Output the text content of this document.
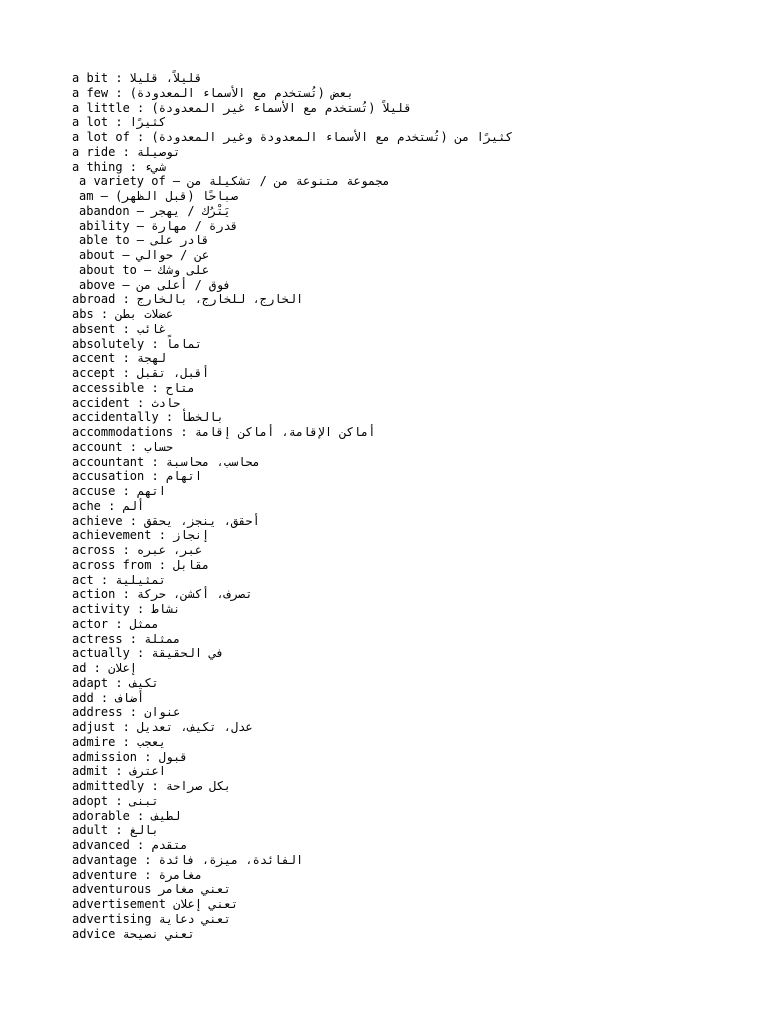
a bit : قليلاً، قليلا
a few : بعض (تُستخدم مع الأسماء المعدودة)
a little : قليلاً (تُستخدم مع الأسماء غير المعدودة)
a lot : كثيرًا
a lot of : كثيرًا من (تُستخدم مع الأسماء المعدودة وغير المعدودة)
a ride : توصيلة
a thing : شيء
a variety of – مجموعة متنوعة من / تشكيلة من
am – صباحًا (قبل الظهر)
abandon – يَتْرُك / يهجر
ability – قدرة / مهارة
able to – قادر على
about – عن / حوالي
about to – على وشك
above – فوق / أعلى من
abroad : الخارج، للخارج، بالخارج
abs : عضلات بطن
absent : غائب
absolutely : تماماً
accent : لهجة
accept : أقبل، تقبل
accessible : متاح
accident : حادث
accidentally : بالخطأ
accommodations : أماكن الإقامة، أماكن إقامة
account : حساب
accountant : محاسب، محاسبة
accusation : اتهام
accuse : اتهم
ache : ألم
achieve : أحقق، ينجز، يحقق
achievement : إنجاز
across : عبر، عبره
across from : مقابل
act : تمثيلية
action : تصرف، أكشن، حركة
activity : نشاط
actor : ممثل
actress : ممثلة
actually : في الحقيقة
ad : إعلان
adapt : تكيف
add : أضاف
address : عنوان
adjust : عدل، تكيف، تعديل
admire : يعجب
admission : قبول
admit : اعترف
admittedly : بكل صراحة
adopt : تبنى
adorable : لطيف
adult : بالغ
advanced : متقدم
advantage : الفائدة، ميزة، فائدة
adventure : مغامرة
adventurous تعني مغامر
advertisement تعني إعلان
advertising تعني دعاية
advice تعني نصيحة
